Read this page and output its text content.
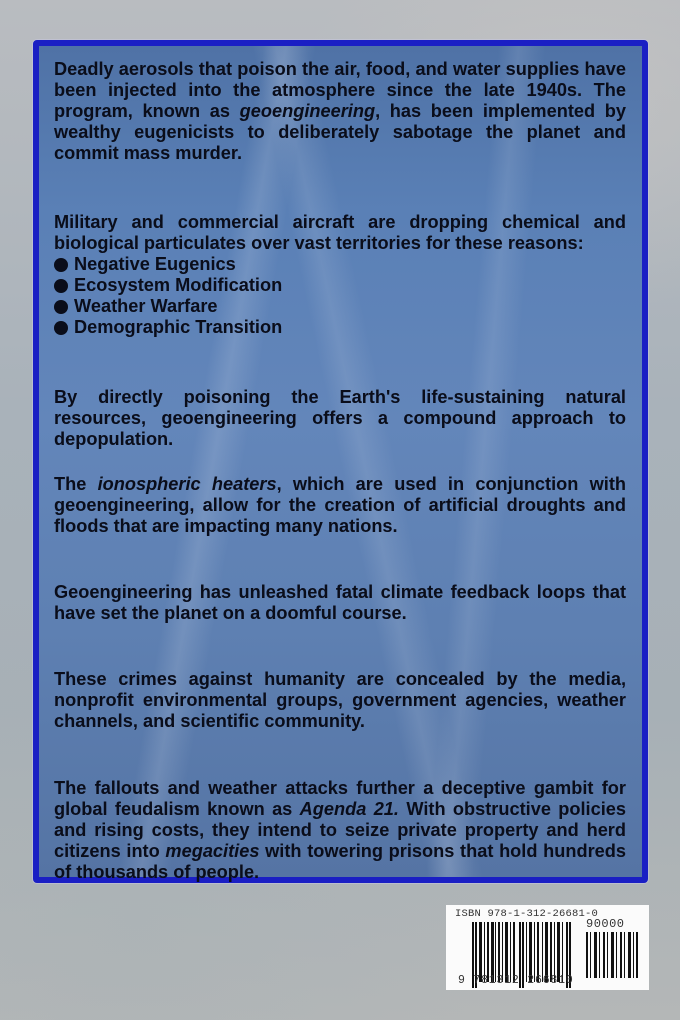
Deadly aerosols that poison the air, food, and water supplies have been injected into the atmosphere since the late 1940s. The program, known as geoengineering, has been implemented by wealthy eugenicists to deliberately sabotage the planet and commit mass murder.

Military and commercial aircraft are dropping chemical and biological particulates over vast territories for these reasons:

Negative Eugenics
Ecosystem Modification
Weather Warfare
Demographic Transition

By directly poisoning the Earth's life-sustaining natural resources, geoengineering offers a compound approach to depopulation.

The ionospheric heaters, which are used in conjunction with geoengineering, allow for the creation of artificial droughts and floods that are impacting many nations.

Geoengineering has unleashed fatal climate feedback loops that have set the planet on a doomful course.

These crimes against humanity are concealed by the media, nonprofit environmental groups, government agencies, weather channels, and scientific community.

The fallouts and weather attacks further a deceptive gambit for global feudalism known as Agenda 21. With obstructive policies and rising costs, they intend to seize private property and herd citizens into megacities with towering prisons that hold hundreds of thousands of people.

ISBN 978-1-312-26681-0
90000
9 781312 266810
